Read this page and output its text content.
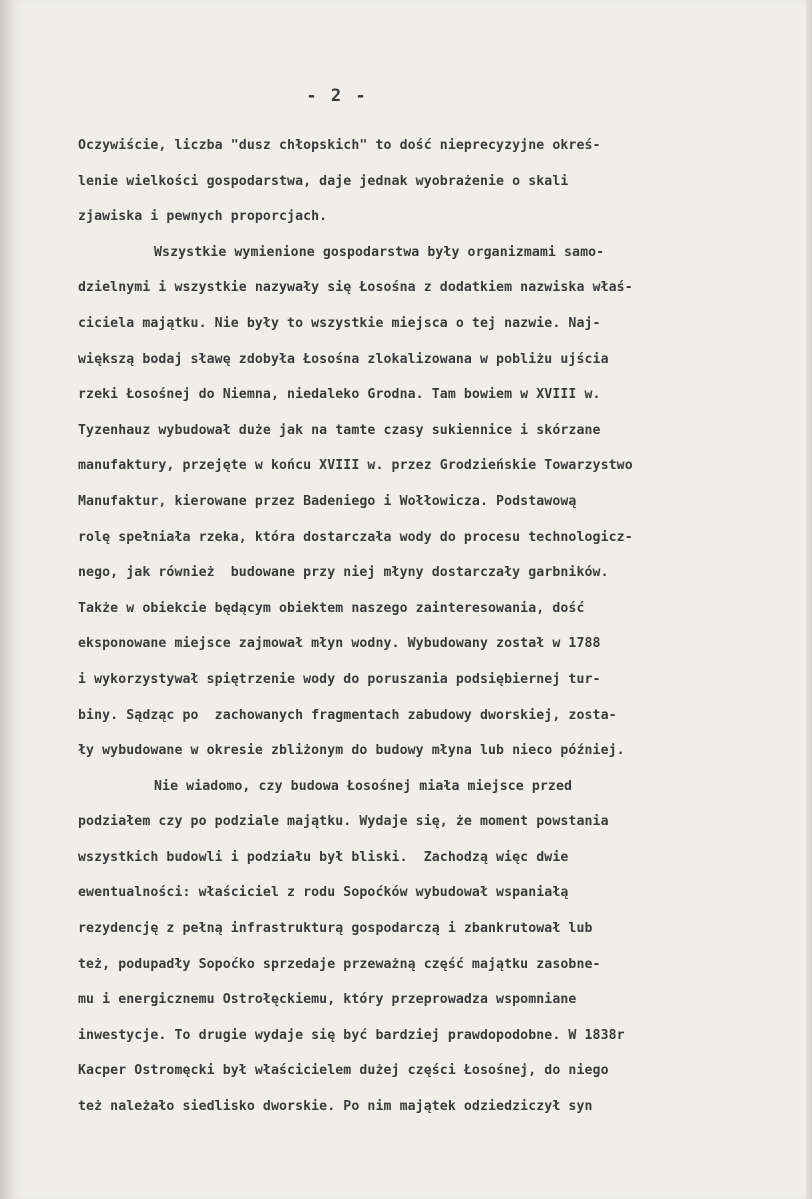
- 2 -
Oczywiście, liczba "dusz chłopskich" to dość nieprecyzyjne okreś-
lenie wielkości gospodarstwa, daje jednak wyobrażenie o skali
zjawiska i pewnych proporcjach.
Wszystkie wymienione gospodarstwa były organizmami samo-
dzielnymi i wszystkie nazywały się Łosośna z dodatkiem nazwiska właś-
ciciela majątku. Nie były to wszystkie miejsca o tej nazwie. Naj-
większą bodaj sławę zdobyła Łosośna zlokalizowana w pobliżu ujścia
rzeki Łosośnej do Niemna, niedaleko Grodna. Tam bowiem w XVIII w.
Tyzenhauz wybudował duże jak na tamte czasy sukiennice i skórzane
manufaktury, przejęte w końcu XVIII w. przez Grodzieńskie Towarzystwo
Manufaktur, kierowane przez Badeniego i Wołłowicza. Podstawową
rolę spełniała rzeka, która dostarczała wody do procesu technologicz-
nego, jak również  budowane przy niej młyny dostarczały garbników.
Także w obiekcie będącym obiektem naszego zainteresowania, dość
eksponowane miejsce zajmował młyn wodny. Wybudowany został w 1788
i wykorzystywał spiętrzenie wody do poruszania podsiębiernej tur-
biny. Sądząc po  zachowanych fragmentach zabudowy dworskiej, zosta-
ły wybudowane w okresie zbliżonym do budowy młyna lub nieco później.
Nie wiadomo, czy budowa Łosośnej miała miejsce przed
podziałem czy po podziale majątku. Wydaje się, że moment powstania
wszystkich budowli i podziału był bliski.  Zachodzą więc dwie
ewentualności: właściciel z rodu Sopoćków wybudował wspaniałą
rezydencję z pełną infrastrukturą gospodarczą i zbankrutował lub
też, podupadły Sopoćko sprzedaje przeważną część majątku zasobne-
mu i energicznemu Ostrołęckiemu, który przeprowadza wspomniane
inwestycje. To drugie wydaje się być bardziej prawdopodobne. W 1838r
Kacper Ostromęcki był właścicielem dużej części Łosośnej, do niego
też należało siedlisko dworskie. Po nim majątek odziedziczył syn
